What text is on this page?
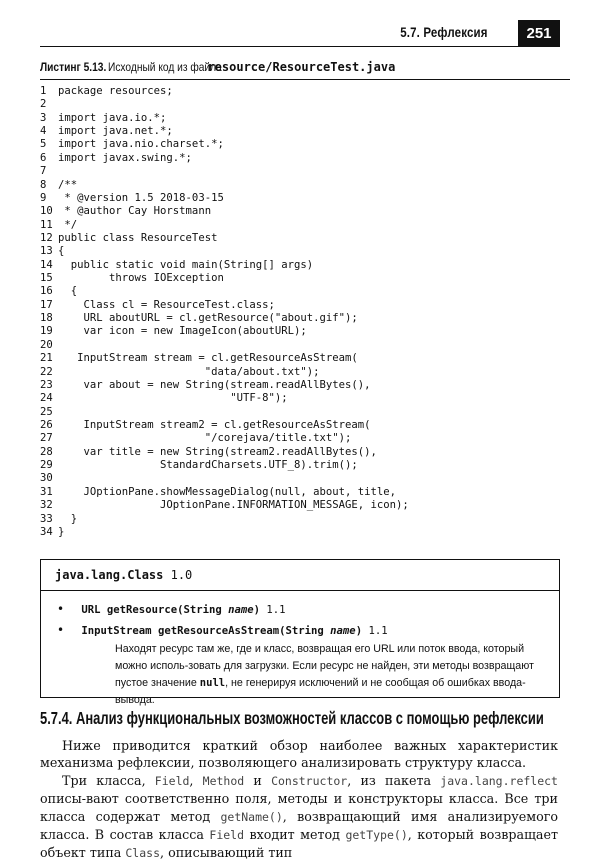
5.7. Рефлексия	251
Листинг 5.13. Исходный код из файла resource/ResourceTest.java
1	package resources;
2
3	import java.io.*;
4	import java.net.*;
5	import java.nio.charset.*;
6	import javax.swing.*;
7
8	/**
9	* @version 1.5 2018-03-15
10 * @author Cay Horstmann
11 */
12 public class ResourceTest
13 {
14 public static void main(String[] args)
15 throws IOException
16 {
17 Class cl = ResourceTest.class;
18 URL aboutURL = cl.getResource("about.gif");
19 var icon = new ImageIcon(aboutURL);
20
21 InputStream stream = cl.getResourceAsStream(
22 "data/about.txt");
23 var about = new String(stream.readAllBytes(),
24 "UTF-8");
25
26 InputStream stream2 = cl.getResourceAsStream(
27 "/corejava/title.txt");
28 var title = new String(stream2.readAllBytes(),
29 StandardCharsets.UTF_8).trim();
30
31 JOptionPane.showMessageDialog(null, about, title,
32 JOptionPane.INFORMATION_MESSAGE, icon);
33 }
34 }
java.lang.Class 1.0
• URL getResource(String name) 1.1
• InputStream getResourceAsStream(String name) 1.1
Находят ресурс там же, где и класс, возвращая его URL или поток ввода, который можно исполь-зовать для загрузки. Если ресурс не найден, эти методы возвращают пустое значение null, не генерируя исключений и не сообщая об ошибках ввода-вывода.
5.7.4. Анализ функциональных возможностей классов с помощью рефлексии

Ниже приводится краткий обзор наиболее важных характеристик механизма рефлексии, позволяющего анализировать структуру класса.

Три класса, Field, Method и Constructor, из пакета java.lang.reflect описы-вают соответственно поля, методы и конструкторы класса. Все три класса содержат метод getName(), возвращающий имя анализируемого класса. В состав класса Field входит метод getType(), который возвращает объект типа Class, описывающий тип
